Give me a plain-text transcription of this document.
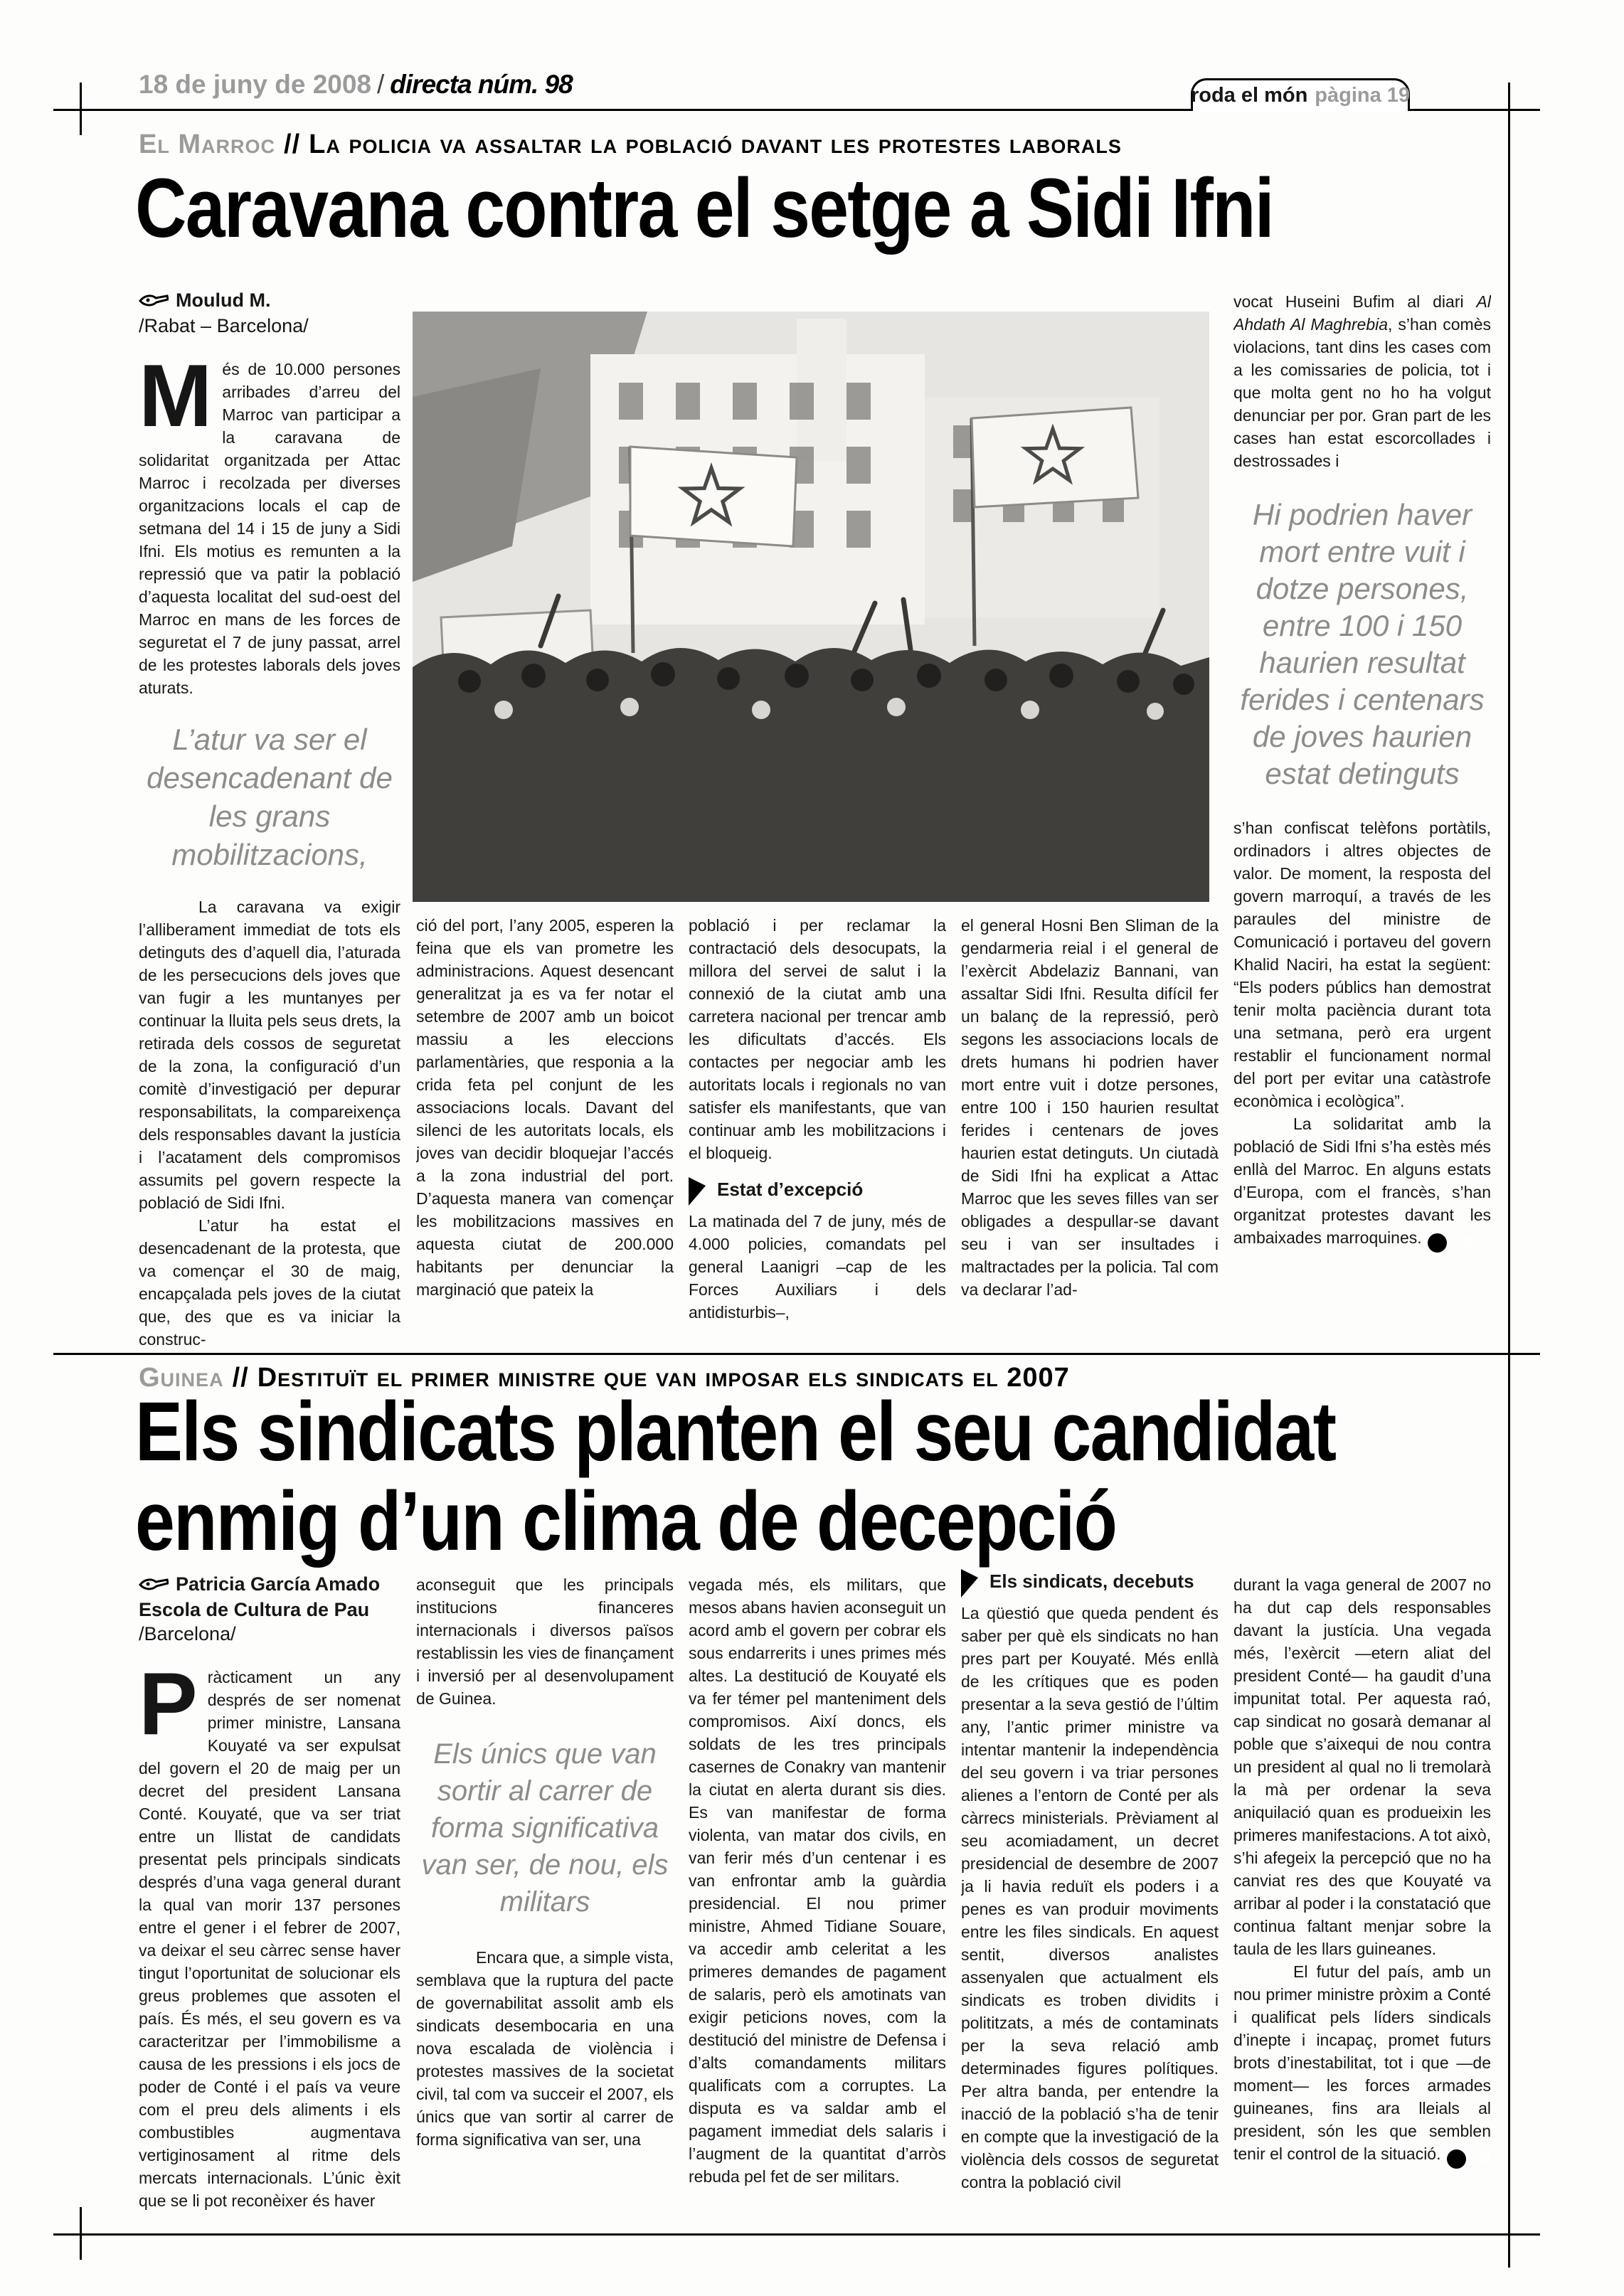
18 de juny de 2008 / directa núm. 98	roda el món pàgina 19
El Marroc // La policia va assaltar la població davant les protestes laborals
Caravana contra el setge a Sidi Ifni
Moulud M.
/Rabat – Barcelona/

Més de 10.000 persones arribades d’arreu del Marroc van participar a la caravana de solidaritat organitzada per Attac Marroc i recolzada per diverses organitzacions locals el cap de setmana del 14 i 15 de juny a Sidi Ifni. Els motius es remunten a la repressió que va patir la població d’aquesta localitat del sud-oest del Marroc en mans de les forces de seguretat el 7 de juny passat, arrel de les protestes laborals dels joves aturats.

L’atur va ser el desencadenant de les grans mobilitzacions,

La caravana va exigir l’alliberament immediat de tots els detinguts des d’aquell dia, l’aturada de les persecucions dels joves que van fugir a les muntanyes per continuar la lluita pels seus drets, la retirada dels cossos de seguretat de la zona, la configuració d’un comitè d’investigació per depurar responsabilitats, la compareixença dels responsables davant la justícia i l’acatament dels compromisos assumits pel govern respecte la població de Sidi Ifni.

L’atur ha estat el desencadenant de la protesta, que va començar el 30 de maig, encapçalada pels joves de la ciutat que, des que es va iniciar la construc-

ció del port, l’any 2005, esperen la feina que els van prometre les administracions. Aquest desencant generalitzat ja es va fer notar el setembre de 2007 amb un boicot massiu a les eleccions parlamentàries, que responia a la crida feta pel conjunt de les associacions locals. Davant del silenci de les autoritats locals, els joves van decidir bloquejar l’accés a la zona industrial del port. D’aquesta manera van començar les mobilitzacions massives en aquesta ciutat de 200.000 habitants per denunciar la marginació que pateix la

població i per reclamar la contractació dels desocupats, la millora del servei de salut i la connexió de la ciutat amb una carretera nacional per trencar amb les dificultats d’accés. Els contactes per negociar amb les autoritats locals i regionals no van satisfer els manifestants, que van continuar amb les mobilitzacions i el bloqueig.

Estat d’excepció

La matinada del 7 de juny, més de 4.000 policies, comandats pel general Laanigri –cap de les Forces Auxiliars i dels antidisturbis–,

el general Hosni Ben Sliman de la gendarmeria reial i el general de l’exèrcit Abdelaziz Bannani, van assaltar Sidi Ifni. Resulta difícil fer un balanç de la repressió, però segons les associacions locals de drets humans hi podrien haver mort entre vuit i dotze persones, entre 100 i 150 haurien resultat ferides i centenars de joves haurien estat detinguts. Un ciutadà de Sidi Ifni ha explicat a Attac Marroc que les seves filles van ser obligades a despullar-se davant seu i van ser insultades i maltractades per la policia. Tal com va declarar l’ad-

vocat Huseini Bufim al diari Al Ahdath Al Maghrebia, s’han comès violacions, tant dins les cases com a les comissaries de policia, tot i que molta gent no ho ha volgut denunciar per por. Gran part de les cases han estat escorcollades i destrossades i

Hi podrien haver mort entre vuit i dotze persones, entre 100 i 150 haurien resultat ferides i centenars de joves haurien estat detinguts

s’han confiscat telèfons portàtils, ordinadors i altres objectes de valor. De moment, la resposta del govern marroquí, a través de les paraules del ministre de Comunicació i portaveu del govern Khalid Naciri, ha estat la següent: “Els poders públics han demostrat tenir molta paciència durant tota una setmana, però era urgent restablir el funcionament normal del port per evitar una catàstrofe econòmica i ecològica”.

La solidaritat amb la població de Sidi Ifni s’ha estès més enllà del Marroc. En alguns estats d’Europa, com el francès, s’han organitzat protestes davant les ambaixades marroquines.	d

Guinea // Destituït el primer ministre que van imposar els sindicats el 2007
Els sindicats planten el seu candidat
enmig d’un clima de decepció
Patricia García Amado
Escola de Cultura de Pau
/Barcelona/

Pràcticament un any després de ser nomenat primer ministre, Lansana Kouyaté va ser expulsat del govern el 20 de maig per un decret del president Lansana Conté. Kouyaté, que va ser triat entre un llistat de candidats presentat pels principals sindicats després d’una vaga general durant la qual van morir 137 persones entre el gener i el febrer de 2007, va deixar el seu càrrec sense haver tingut l’oportunitat de solucionar els greus problemes que assoten el país. És més, el seu govern es va caracteritzar per l’immobilisme a causa de les pressions i els jocs de poder de Conté i el país va veure com el preu dels aliments i els combustibles augmentava vertiginosament al ritme dels mercats internacionals. L’únic èxit que se li pot reconèixer és haver

aconseguit que les principals institucions financeres internacionals i diversos països restablissin les vies de finançament i inversió per al desenvolupament de Guinea.

Els únics que van sortir al carrer de forma significativa van ser, de nou, els militars

Encara que, a simple vista, semblava que la ruptura del pacte de governabilitat assolit amb els sindicats desembocaria en una nova escalada de violència i protestes massives de la societat civil, tal com va succeir el 2007, els únics que van sortir al carrer de forma significativa van ser, una

vegada més, els militars, que mesos abans havien aconseguit un acord amb el govern per cobrar els sous endarrerits i unes primes més altes. La destitució de Kouyaté els va fer témer pel manteniment dels compromisos. Així doncs, els soldats de les tres principals casernes de Conakry van mantenir la ciutat en alerta durant sis dies. Es van manifestar de forma violenta, van matar dos civils, en van ferir més d’un centenar i es van enfrontar amb la guàrdia presidencial. El nou primer ministre, Ahmed Tidiane Souare, va accedir amb celeritat a les primeres demandes de pagament de salaris, però els amotinats van exigir peticions noves, com la destitució del ministre de Defensa i d’alts comandaments militars qualificats com a corruptes. La disputa es va saldar amb el pagament immediat dels salaris i l’augment de la quantitat d’arròs rebuda pel fet de ser militars.

Els sindicats, decebuts

La qüestió que queda pendent és saber per què els sindicats no han pres part per Kouyaté. Més enllà de les crítiques que es poden presentar a la seva gestió de l’últim any, l’antic primer ministre va intentar mantenir la independència del seu govern i va triar persones alienes a l’entorn de Conté per als càrrecs ministerials. Prèviament al seu acomiadament, un decret presidencial de desembre de 2007 ja li havia reduït els poders i a penes es van produir moviments entre les files sindicals. En aquest sentit, diversos analistes assenyalen que actualment els sindicats es troben dividits i polititzats, a més de contaminats per la seva relació amb determinades figures polítiques. Per altra banda, per entendre la inacció de la població s’ha de tenir en compte que la investigació de la violència dels cossos de seguretat contra la població civil

durant la vaga general de 2007 no ha dut cap dels responsables davant la justícia. Una vegada més, l’exèrcit —etern aliat del president Conté— ha gaudit d’una impunitat total. Per aquesta raó, cap sindicat no gosarà demanar al poble que s’aixequi de nou contra un president al qual no li tremolarà la mà per ordenar la seva aniquilació quan es produeixin les primeres manifestacions. A tot això, s’hi afegeix la percepció que no ha canviat res des que Kouyaté va arribar al poder i la constatació que continua faltant menjar sobre la taula de les llars guineanes.

El futur del país, amb un nou primer ministre pròxim a Conté i qualificat pels líders sindicals d’inepte i incapaç, promet futurs brots d’inestabilitat, tot i que —de moment— les forces armades guineanes, fins ara lleials al president, són les que semblen tenir el control de la situació.	d
